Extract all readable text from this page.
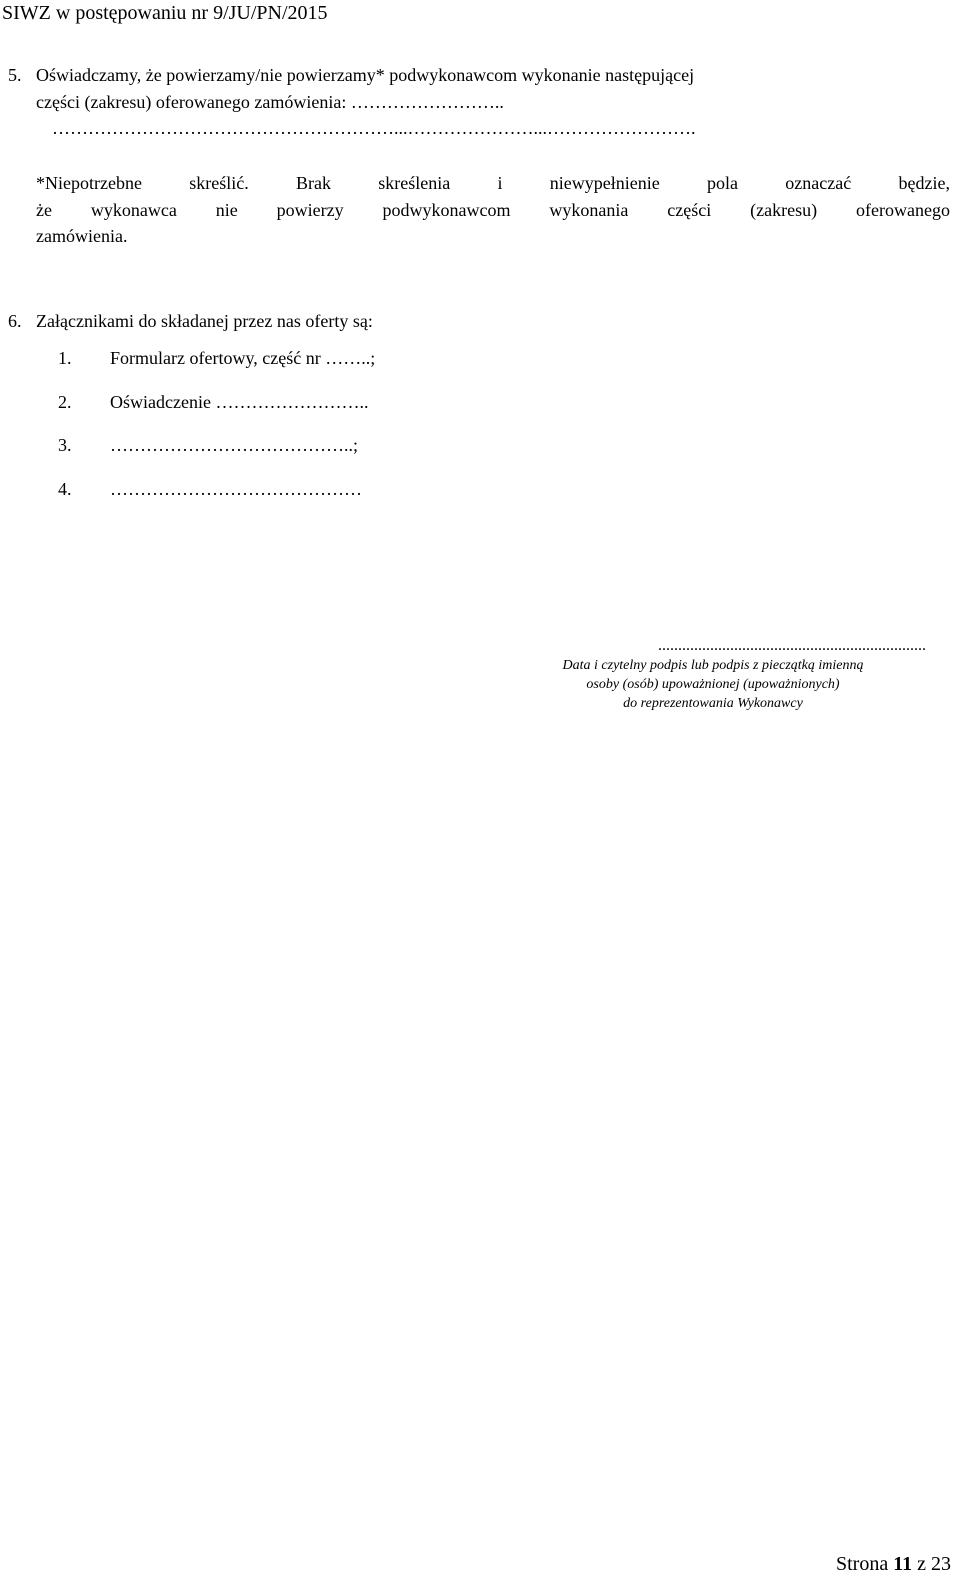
SIWZ w postępowaniu nr 9/JU/PN/2015
5. Oświadczamy, że powierzamy/nie powierzamy* podwykonawcom wykonanie następującej
części (zakresu) oferowanego zamówienia: ……………………..
…………………………………………………...…………………...…………………….
*Niepotrzebne skreślić. Brak skreślenia i niewypełnienie pola oznaczać będzie,
że wykonawca nie powierzy podwykonawcom wykonania części (zakresu) oferowanego
zamówienia.
6. Załącznikami do składanej przez nas oferty są:
1. Formularz ofertowy, część nr ……..;
2. Oświadczenie ……………………..
3. …………………………………..;
4. ……………………………………
...................................................................
Data i czytelny podpis lub podpis z pieczątką imienną
osoby (osób) upoważnionej (upoważnionych)
do reprezentowania Wykonawcy
Strona 11 z 23
